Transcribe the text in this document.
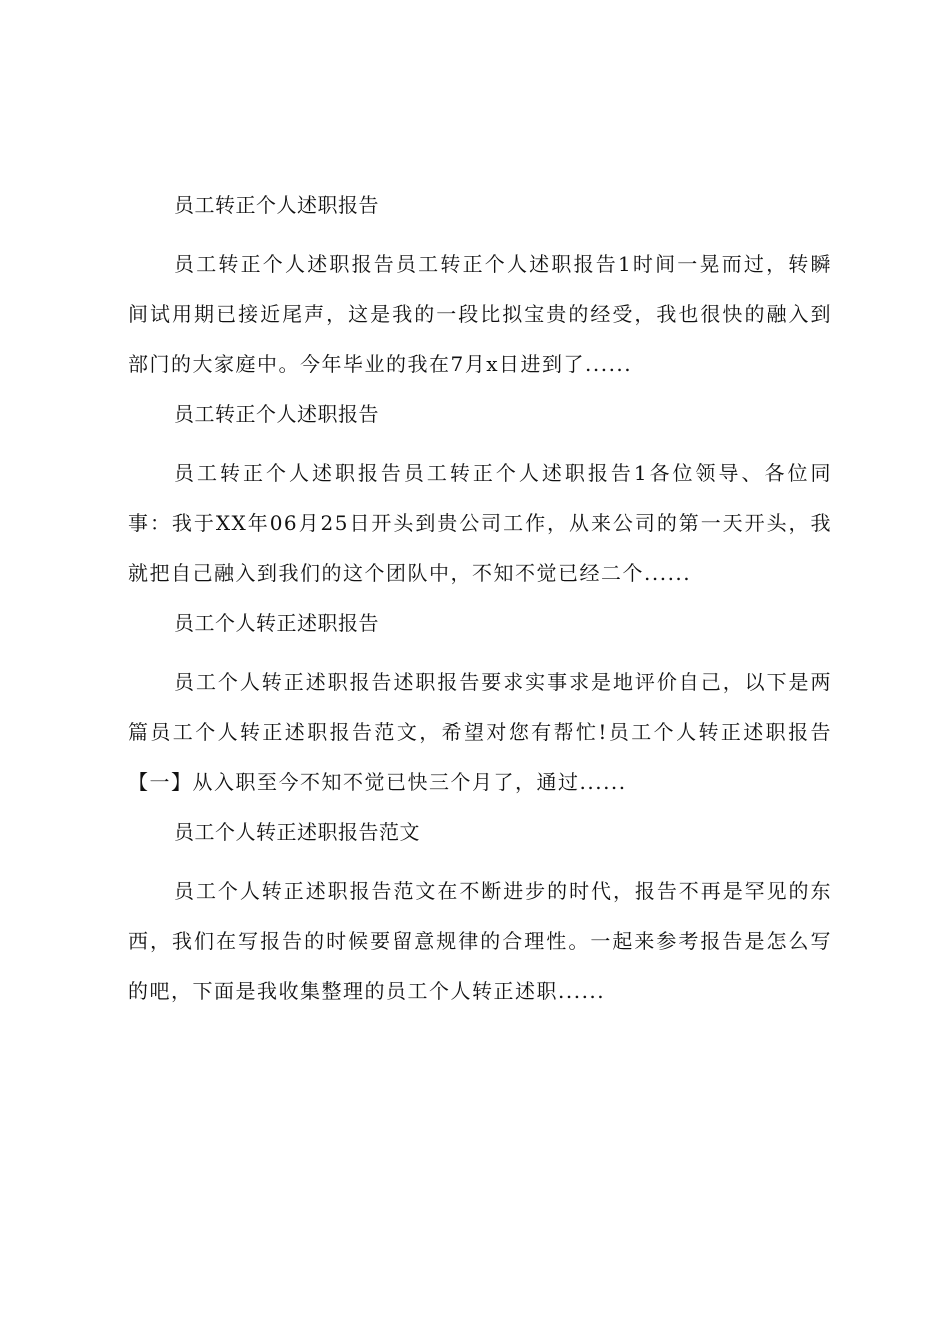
员工转正个人述职报告
员工转正个人述职报告员工转正个人述职报告1时间一晃而过，转瞬间试用期已接近尾声，这是我的一段比拟宝贵的经受，我也很快的融入到部门的大家庭中。今年毕业的我在7月x日进到了......
员工转正个人述职报告
员工转正个人述职报告员工转正个人述职报告1各位领导、各位同事：我于XX年06月25日开头到贵公司工作，从来公司的第一天开头，我就把自己融入到我们的这个团队中，不知不觉已经二个......
员工个人转正述职报告
员工个人转正述职报告述职报告要求实事求是地评价自己，以下是两篇员工个人转正述职报告范文，希望对您有帮忙!员工个人转正述职报告【一】从入职至今不知不觉已快三个月了，通过......
员工个人转正述职报告范文
员工个人转正述职报告范文在不断进步的时代，报告不再是罕见的东西，我们在写报告的时候要留意规律的合理性。一起来参考报告是怎么写的吧，下面是我收集整理的员工个人转正述职......
